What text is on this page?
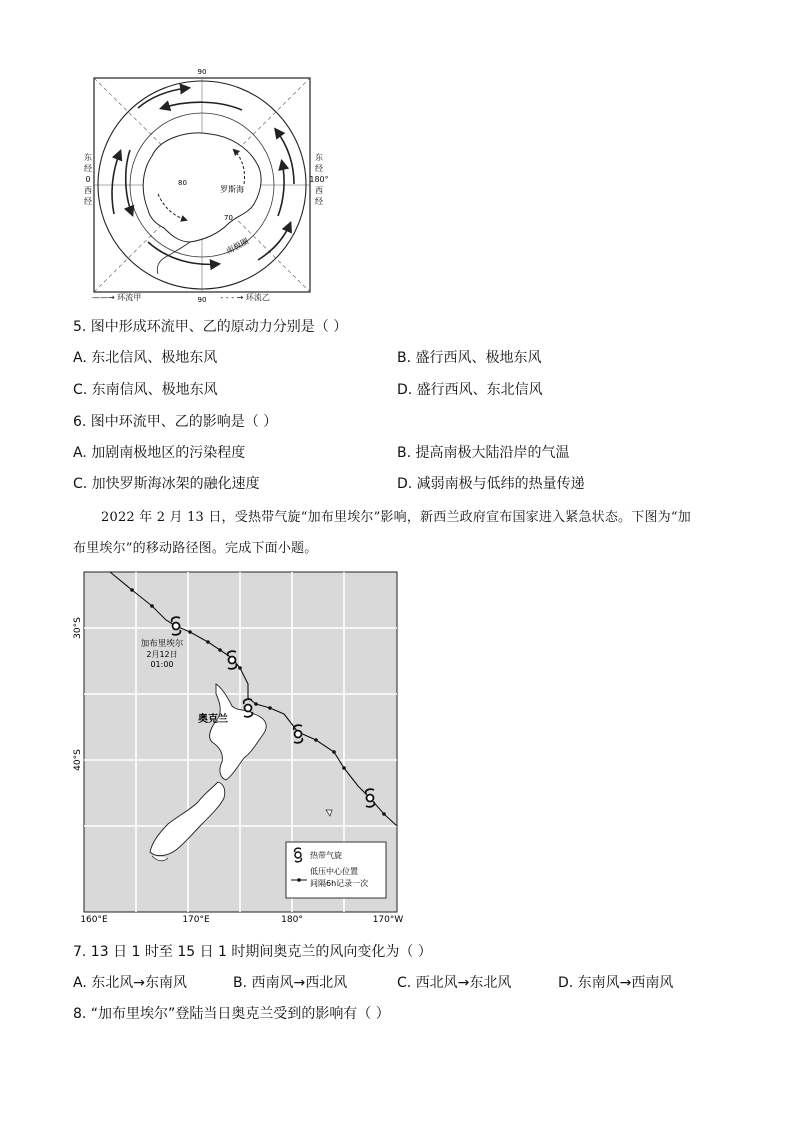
90
90
80
70
罗斯海
南极圈
东
经
0
西
经
东
经
180°
西
经
——→ 环流甲	- - - → 环流乙
5. 图中形成环流甲、乙的原动力分别是（ ）
A. 东北信风、极地东风	B. 盛行西风、极地东风
C. 东南信风、极地东风	D. 盛行西风、东北信风
6. 图中环流甲、乙的影响是（ ）
A. 加剧南极地区的污染程度	B. 提高南极大陆沿岸的气温
C. 加快罗斯海冰架的融化速度	D. 减弱南极与低纬的热量传递
2022 年 2 月 13 日，受热带气旋“加布里埃尔”影响，新西兰政府宣布国家进入紧急状态。下图为“加
布里埃尔”的移动路径图。完成下面小题。
加布里埃尔
2月12日
01:00
奥克兰
30°S
40°S
160°E	170°E	180°	170°W
热带气旋
低压中心位置
间隔6h记录一次
7. 13 日 1 时至 15 日 1 时期间奥克兰的风向变化为（ ）
A. 东北风→东南风	B. 西南风→西北风	C. 西北风→东北风	D. 东南风→西南风
8. “加布里埃尔”登陆当日奥克兰受到的影响有（ ）
